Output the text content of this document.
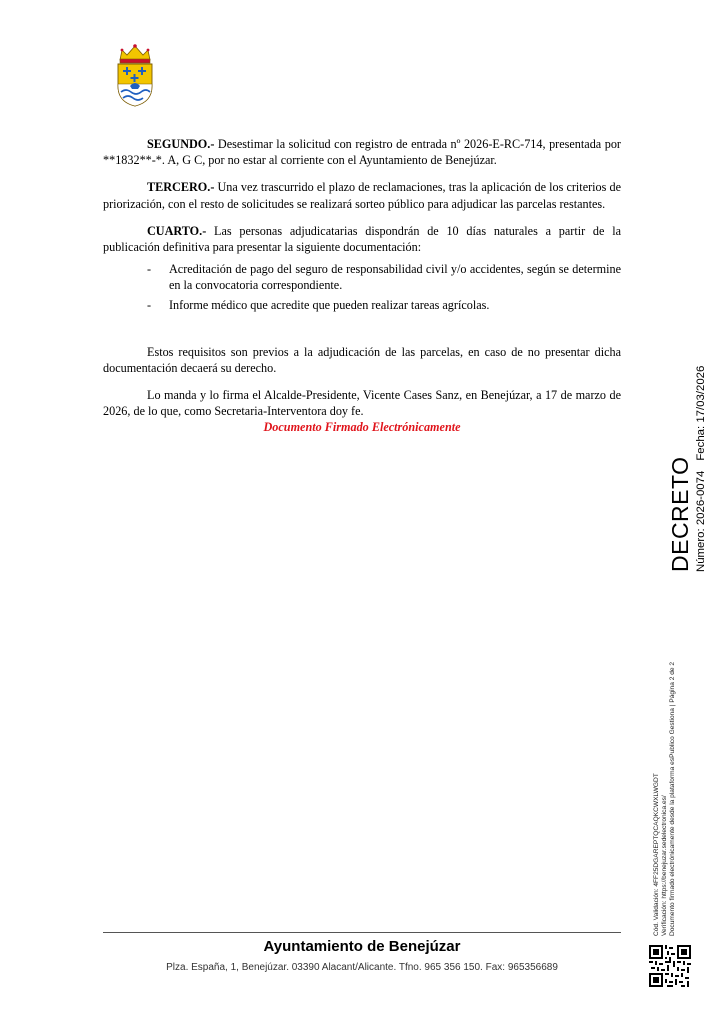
SEGUNDO.- Desestimar la solicitud con registro de entrada nº 2026-E-RC-714, presentada por **1832**-*. A, G C, por no estar al corriente con el Ayuntamiento de Benejúzar.

TERCERO.- Una vez trascurrido el plazo de reclamaciones, tras la aplicación de los criterios de priorización, con el resto de solicitudes se realizará sorteo público para adjudicar las parcelas restantes.

CUARTO.- Las personas adjudicatarias dispondrán de 10 días naturales a partir de la publicación definitiva para presentar la siguiente documentación:

- Acreditación de pago del seguro de responsabilidad civil y/o accidentes, según se determine en la convocatoria correspondiente.
- Informe médico que acredite que pueden realizar tareas agrícolas.

Estos requisitos son previos a la adjudicación de las parcelas, en caso de no presentar dicha documentación decaerá su derecho.

Lo manda y lo firma el Alcalde-Presidente, Vicente Cases Sanz, en Benejúzar, a 17 de marzo de 2026, de lo que, como Secretaria-Interventora doy fe.

Documento Firmado Electrónicamente
DECRETO Número: 2026-0074Fecha: 17/03/2026
Cód. Validación: 4FF25DGAREPTQCAQKCWXLWGDT Verificación: https://benejuzar.sedelectronica.es/ Documento firmado electrónicamente desde la plataforma esPublico Gestiona | Página 2 de 2
Ayuntamiento de Benejúzar
Plza. España, 1, Benejúzar. 03390 Alacant/Alicante. Tfno. 965 356 150. Fax: 965356689
